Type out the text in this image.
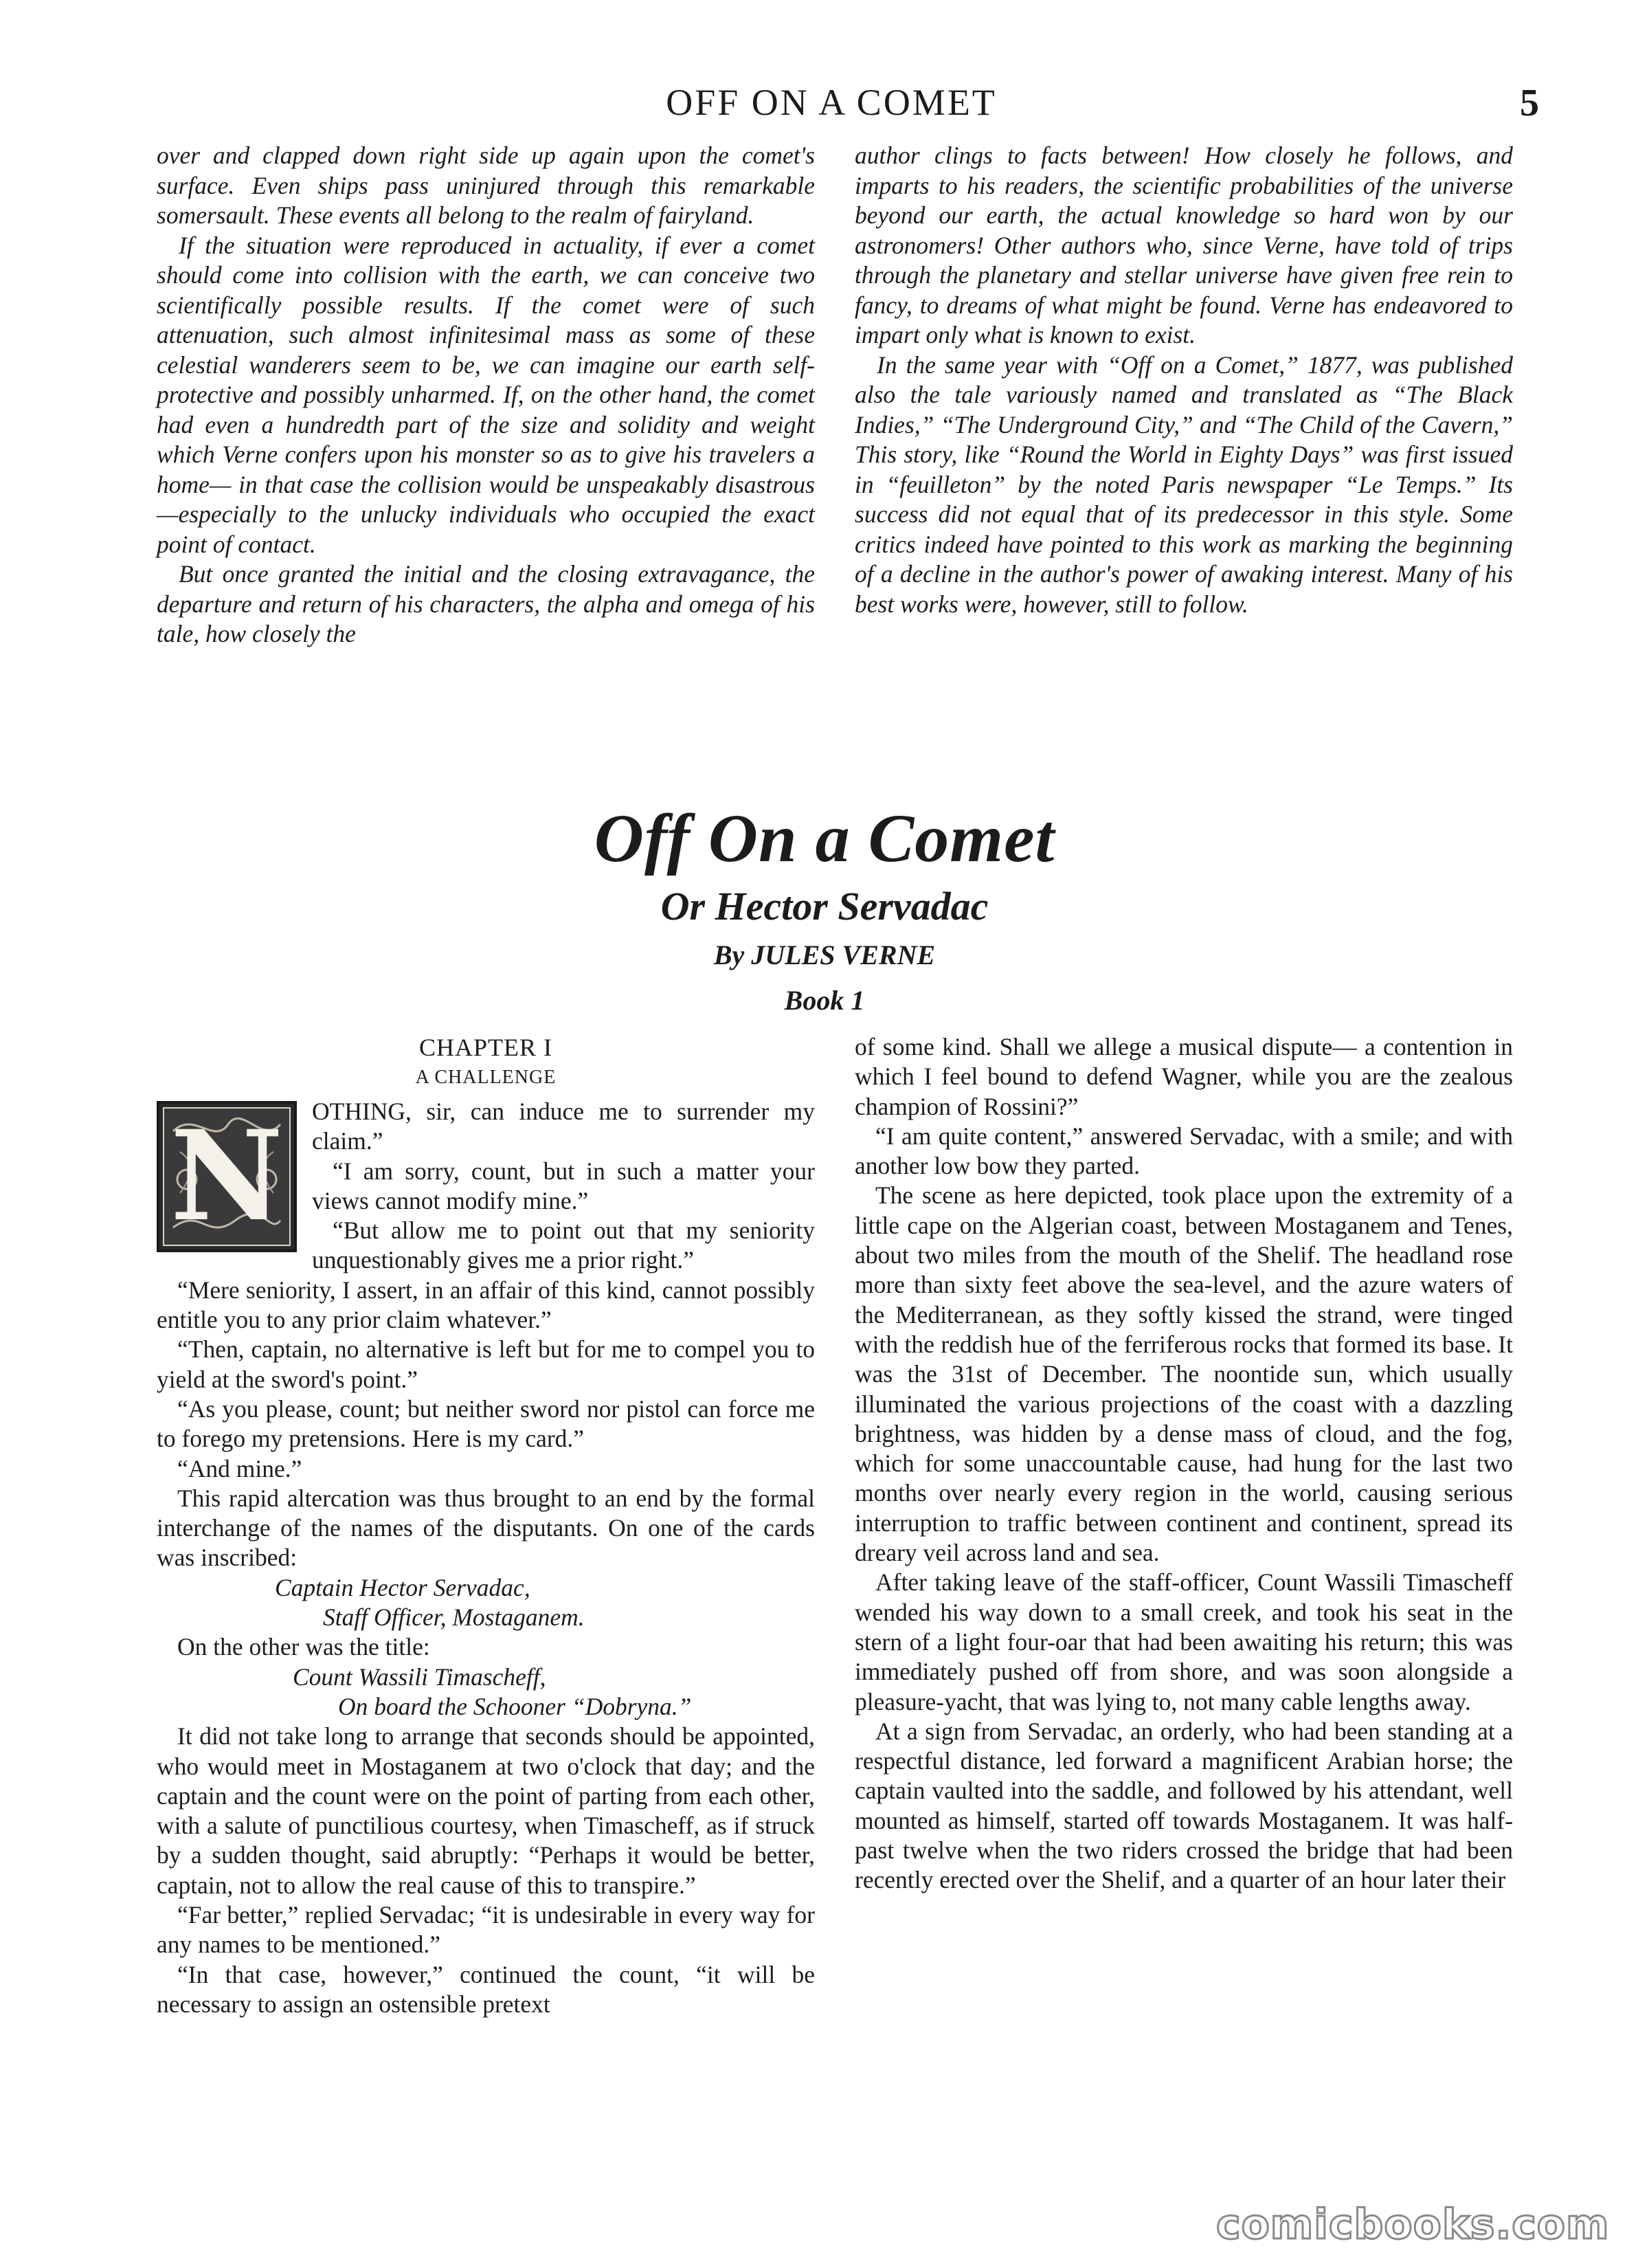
OFF ON A COMET	5

over and clapped down right side up again upon the comet's surface. Even ships pass uninjured through this remarkable somersault. These events all belong to the realm of fairyland.

If the situation were reproduced in actuality, if ever a comet should come into collision with the earth, we can conceive two scientifically possible results. If the comet were of such attenuation, such almost infinitesimal mass as some of these celestial wanderers seem to be, we can imagine our earth self-protective and possibly unharmed. If, on the other hand, the comet had even a hundredth part of the size and solidity and weight which Verne confers upon his monster so as to give his travelers a home— in that case the collision would be unspeakably disastrous—especially to the unlucky individuals who occupied the exact point of contact.

But once granted the initial and the closing extravagance, the departure and return of his characters, the alpha and omega of his tale, how closely the

author clings to facts between! How closely he follows, and imparts to his readers, the scientific probabilities of the universe beyond our earth, the actual knowledge so hard won by our astronomers! Other authors who, since Verne, have told of trips through the planetary and stellar universe have given free rein to fancy, to dreams of what might be found. Verne has endeavored to impart only what is known to exist.

In the same year with “Off on a Comet,” 1877, was published also the tale variously named and translated as “The Black Indies,” “The Underground City,” and “The Child of the Cavern,” This story, like “Round the World in Eighty Days” was first issued in “feuilleton” by the noted Paris newspaper “Le Temps.” Its success did not equal that of its predecessor in this style. Some critics indeed have pointed to this work as marking the beginning of a decline in the author's power of awaking interest. Many of his best works were, however, still to follow.

Off On a Comet
Or Hector Servadac
By JULES VERNE
Book 1
CHAPTER I
A CHALLENGE
N	OTHING, sir, can induce me to surrender my claim.”

“I am sorry, count, but in such a matter your views cannot modify mine.”

“But allow me to point out that my seniority unquestionably gives me a prior right.”

“Mere seniority, I assert, in an affair of this kind, cannot possibly entitle you to any prior claim whatever.”

“Then, captain, no alternative is left but for me to compel you to yield at the sword's point.”

“As you please, count; but neither sword nor pistol can force me to forego my pretensions. Here is my card.”

“And mine.”

This rapid altercation was thus brought to an end by the formal interchange of the names of the disputants. On one of the cards was inscribed:

Captain Hector Servadac,

Staff Officer, Mostaganem.

On the other was the title:

Count Wassili Timascheff,

On board the Schooner “Dobryna.”

It did not take long to arrange that seconds should be appointed, who would meet in Mostaganem at two o'clock that day; and the captain and the count were on the point of parting from each other, with a salute of punctilious courtesy, when Timascheff, as if struck by a sudden thought, said abruptly: “Perhaps it would be better, captain, not to allow the real cause of this to transpire.”

“Far better,” replied Servadac; “it is undesirable in every way for any names to be mentioned.”

“In that case, however,” continued the count, “it will be necessary to assign an ostensible pretext

of some kind. Shall we allege a musical dispute— a contention in which I feel bound to defend Wagner, while you are the zealous champion of Rossini?”

“I am quite content,” answered Servadac, with a smile; and with another low bow they parted.

The scene as here depicted, took place upon the extremity of a little cape on the Algerian coast, between Mostaganem and Tenes, about two miles from the mouth of the Shelif. The headland rose more than sixty feet above the sea-level, and the azure waters of the Mediterranean, as they softly kissed the strand, were tinged with the reddish hue of the ferriferous rocks that formed its base. It was the 31st of December. The noontide sun, which usually illuminated the various projections of the coast with a dazzling brightness, was hidden by a dense mass of cloud, and the fog, which for some unaccountable cause, had hung for the last two months over nearly every region in the world, causing serious interruption to traffic between continent and continent, spread its dreary veil across land and sea.

After taking leave of the staff-officer, Count Wassili Timascheff wended his way down to a small creek, and took his seat in the stern of a light four-oar that had been awaiting his return; this was immediately pushed off from shore, and was soon alongside a pleasure-yacht, that was lying to, not many cable lengths away.

At a sign from Servadac, an orderly, who had been standing at a respectful distance, led forward a magnificent Arabian horse; the captain vaulted into the saddle, and followed by his attendant, well mounted as himself, started off towards Mostaganem. It was half-past twelve when the two riders crossed the bridge that had been recently erected over the Shelif, and a quarter of an hour later their

comicbooks.com
